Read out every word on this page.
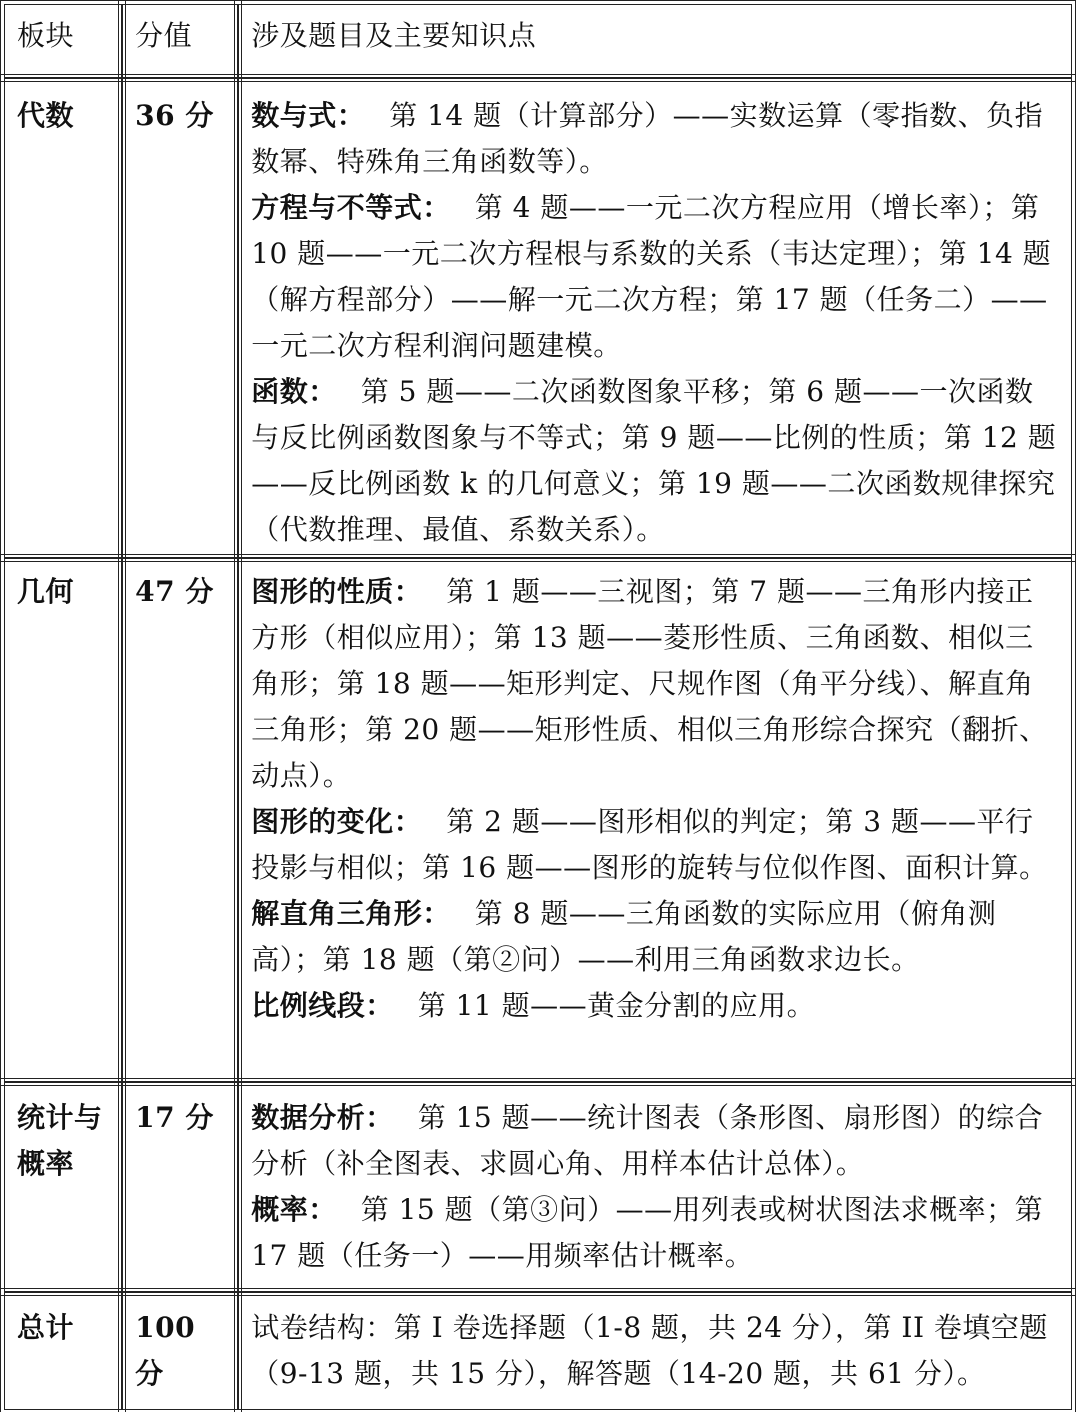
板块	分值	涉及题目及主要知识点
代数	36 分	数与式： 第 14 题（计算部分）——实数运算（零指数、负指数幂、特殊角三角函数等）。
方程与不等式： 第 4 题——一元二次方程应用（增长率）；第 10 题——一元二次方程根与系数的关系（韦达定理）；第 14 题（解方程部分）——解一元二次方程；第 17 题（任务二）——一元二次方程利润问题建模。
函数： 第 5 题——二次函数图象平移；第 6 题——一次函数与反比例函数图象与不等式；第 9 题——比例的性质；第 12 题——反比例函数 k 的几何意义；第 19 题——二次函数规律探究（代数推理、最值、系数关系）。

几何	47 分	图形的性质： 第 1 题——三视图；第 7 题——三角形内接正方形（相似应用）；第 13 题——菱形性质、三角函数、相似三角形；第 18 题——矩形判定、尺规作图（角平分线）、解直角三角形；第 20 题——矩形性质、相似三角形综合探究（翻折、动点）。
图形的变化： 第 2 题——图形相似的判定；第 3 题——平行投影与相似；第 16 题——图形的旋转与位似作图、面积计算。
解直角三角形： 第 8 题——三角函数的实际应用（俯角测高）；第 18 题（第②问）——利用三角函数求边长。
比例线段： 第 11 题——黄金分割的应用。

统计与概率	17 分	数据分析： 第 15 题——统计图表（条形图、扇形图）的综合分析（补全图表、求圆心角、用样本估计总体）。
概率： 第 15 题（第③问）——用列表或树状图法求概率；第 17 题（任务一）——用频率估计概率。

总计	100 分	试卷结构：第 I 卷选择题（1-8 题，共 24 分），第 II 卷填空题（9-13 题，共 15 分），解答题（14-20 题，共 61 分）。
